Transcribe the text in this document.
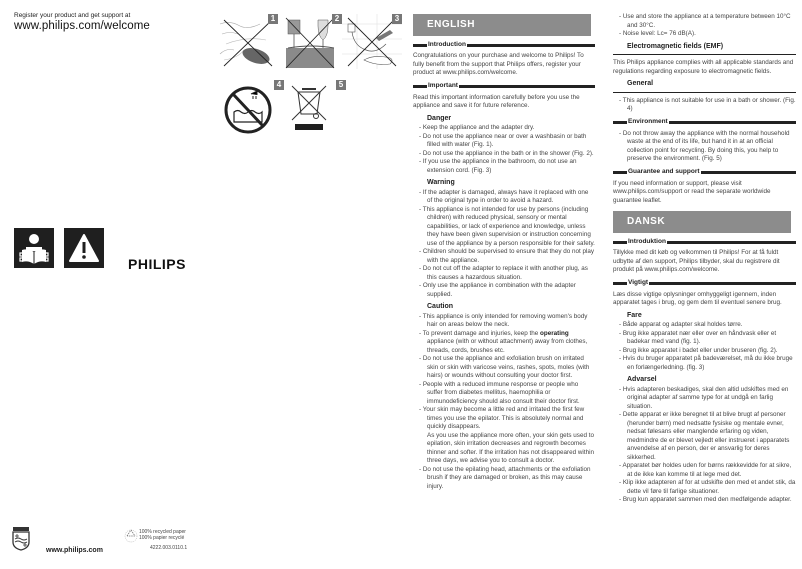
Register your product and get support at
www.philips.com/welcome
PHILIPS
www.philips.com
100% recycled paper
100% papier recyclé
4222.003.0110.1
1	2	3
4	5
ENGLISH
Introduction
Congratulations on your purchase and welcome to Philips! To fully benefit from the support that Philips offers, register your product at www.philips.com/welcome.
Important
Read this important information carefully before you use the appliance and save it for future reference.
Danger
- Keep the appliance and the adapter dry.
- Do not use the appliance near or over a washbasin or bath filled with water (Fig. 1).
- Do not use the appliance in the bath or in the shower (Fig. 2).
- If you use the appliance in the bathroom, do not use an extension cord. (Fig. 3)
Warning
- If the adapter is damaged, always have it replaced with one of the original type in order to avoid a hazard.
- This appliance is not intended for use by persons (including children) with reduced physical, sensory or mental capabilities, or lack of experience and knowledge, unless they have been given supervision or instruction concerning use of the appliance by a person responsible for their safety.
- Children should be supervised to ensure that they do not play with the appliance.
- Do not cut off the adapter to replace it with another plug, as this causes a hazardous situation.
- Only use the appliance in combination with the adapter supplied.
Caution
- This appliance is only intended for removing women's body hair on areas below the neck.
- To prevent damage and injuries, keep the operating appliance (with or without attachment) away from clothes, threads, cords, brushes etc.
- Do not use the appliance and exfoliation brush on irritated skin or skin with varicose veins, rashes, spots, moles (with hairs) or wounds without consulting your doctor first.
- People with a reduced immune response or people who suffer from diabetes mellitus, haemophilia or immunodeficiency should also consult their doctor first.
- Your skin may become a little red and irritated the first few times you use the epilator. This is absolutely normal and quickly disappears.
As you use the appliance more often, your skin gets used to epilation, skin irritation decreases and regrowth becomes thinner and softer. If the irritation has not disappeared within three days, we advise you to consult a doctor.
- Do not use the epilating head, attachments or the exfoliation brush if they are damaged or broken, as this may cause injury.
- Use and store the appliance at a temperature between 10°C and 30°C.
- Noise level: Lc= 76 dB(A).
Electromagnetic fields (EMF)
This Philips appliance complies with all applicable standards and regulations regarding exposure to electromagnetic fields.
General
- This appliance is not suitable for use in a bath or shower. (Fig. 4)
Environment
- Do not throw away the appliance with the normal household waste at the end of its life, but hand it in at an official collection point for recycling. By doing this, you help to preserve the environment. (Fig. 5)
Guarantee and support
If you need information or support, please visit www.philips.com/support or read the separate worldwide guarantee leaflet.
DANSK
Introduktion
Tillykke med dit køb og velkommen til Philips! For at få fuldt udbytte af den support, Philips tilbyder, skal du registrere dit produkt på www.philips.com/welcome.
Vigtigt
Læs disse vigtige oplysninger omhyggeligt igennem, inden apparatet tages i brug, og gem dem til eventuel senere brug.
Fare
- Både apparat og adapter skal holdes tørre.
- Brug ikke apparatet nær eller over en håndvask eller et badekar med vand (fig. 1).
- Brug ikke apparatet i badet eller under bruseren (fig. 2).
- Hvis du bruger apparatet på badeværelset, må du ikke bruge en forlængerledning. (fig. 3)
Advarsel
- Hvis adapteren beskadiges, skal den altid udskiftes med en original adapter af samme type for at undgå en farlig situation.
- Dette apparat er ikke beregnet til at blive brugt af personer (herunder børn) med nedsatte fysiske og mentale evner, nedsat følesans eller manglende erfaring og viden, medmindre de er blevet vejledt eller instrueret i apparatets anvendelse af en person, der er ansvarlig for deres sikkerhed.
- Apparatet bør holdes uden for børns rækkevidde for at sikre, at de ikke kan komme til at lege med det.
- Klip ikke adapteren af for at udskifte den med et andet stik, da dette vil føre til farlige situationer.
- Brug kun apparatet sammen med den medfølgende adapter.
